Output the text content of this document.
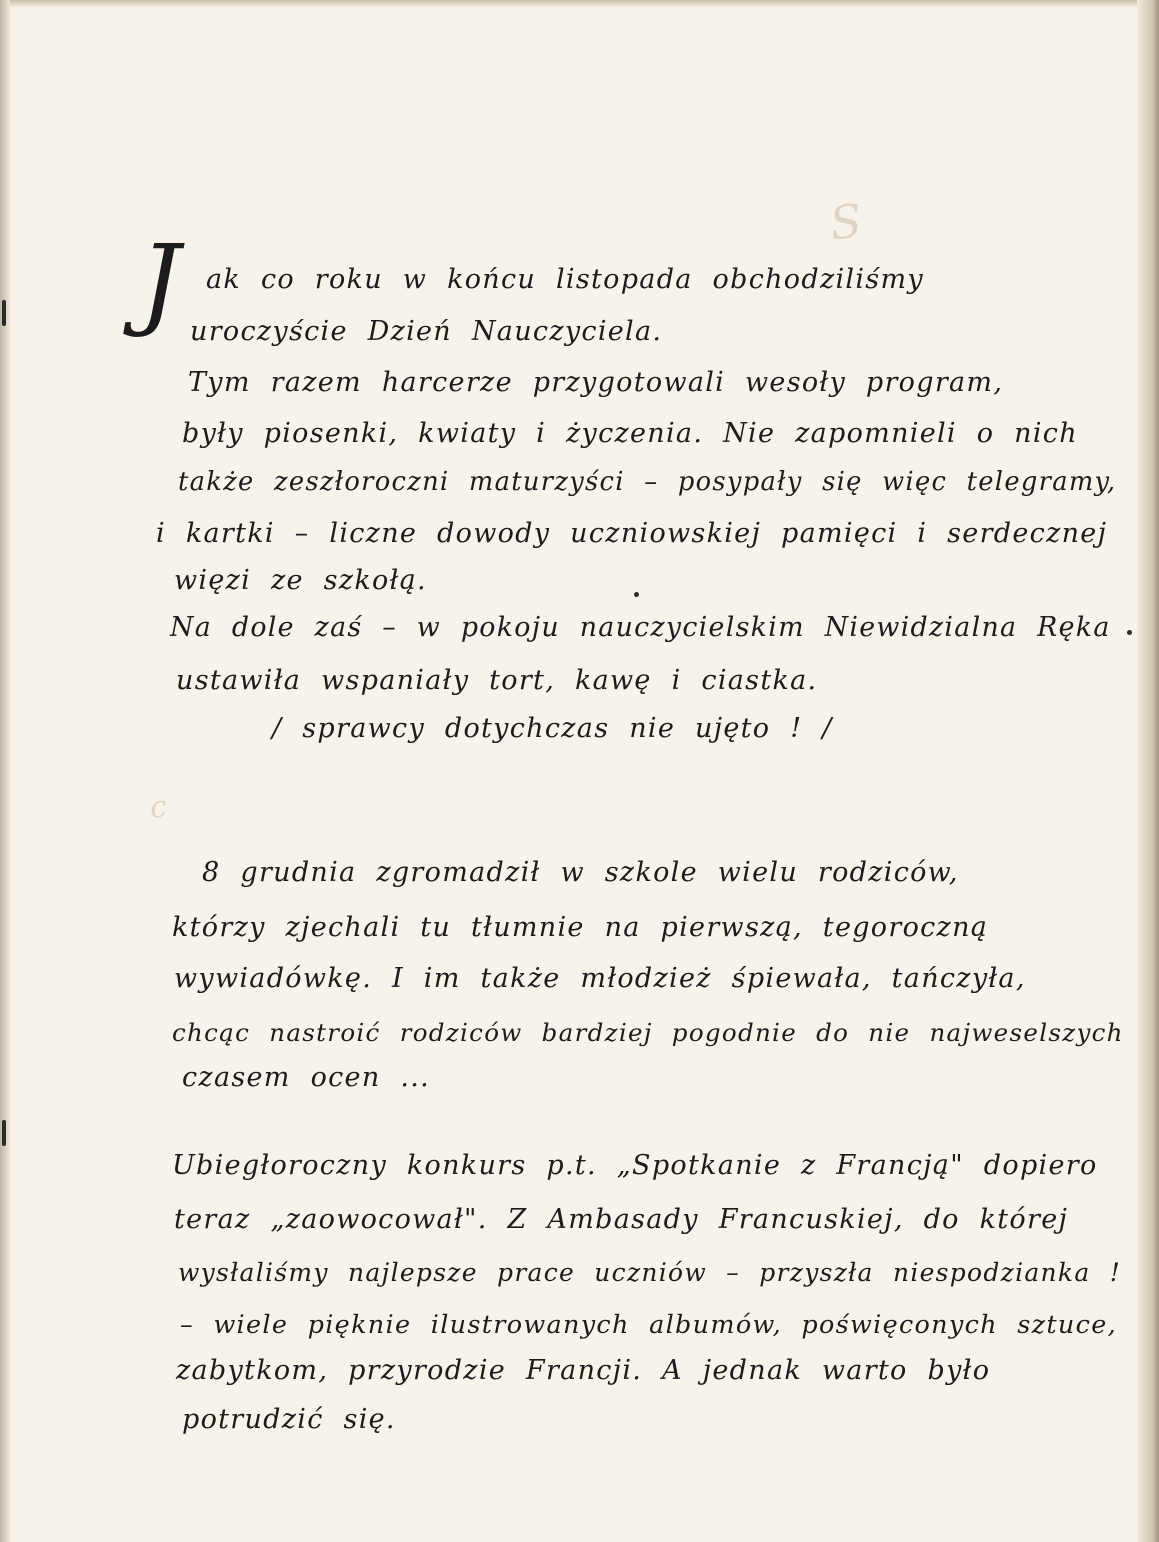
S
c
J ak co roku w końcu listopada obchodziliśmy
uroczyście Dzień Nauczyciela.
Tym razem harcerze przygotowali wesoły program,
były piosenki, kwiaty i życzenia. Nie zapomnieli o nich
także zeszłoroczni maturzyści – posypały się więc telegramy,
i kartki – liczne dowody uczniowskiej pamięci i serdecznej
więzi ze szkołą.
Na dole zaś – w pokoju nauczycielskim Niewidzialna Ręka
ustawiła wspaniały tort, kawę i ciastka.
/ sprawcy dotychczas nie ujęto ! /
8 grudnia zgromadził w szkole wielu rodziców,
którzy zjechali tu tłumnie na pierwszą, tegoroczną
wywiadówkę. I im także młodzież śpiewała, tańczyła,
chcąc nastroić rodziców bardziej pogodnie do nie najweselszych
czasem ocen ...
Ubiegłoroczny konkurs p.t. „Spotkanie z Francją" dopiero
teraz „zaowocował". Z Ambasady Francuskiej, do której
wysłaliśmy najlepsze prace uczniów – przyszła niespodzianka !
– wiele pięknie ilustrowanych albumów, poświęconych sztuce,
zabytkom, przyrodzie Francji. A jednak warto było
potrudzić się.
